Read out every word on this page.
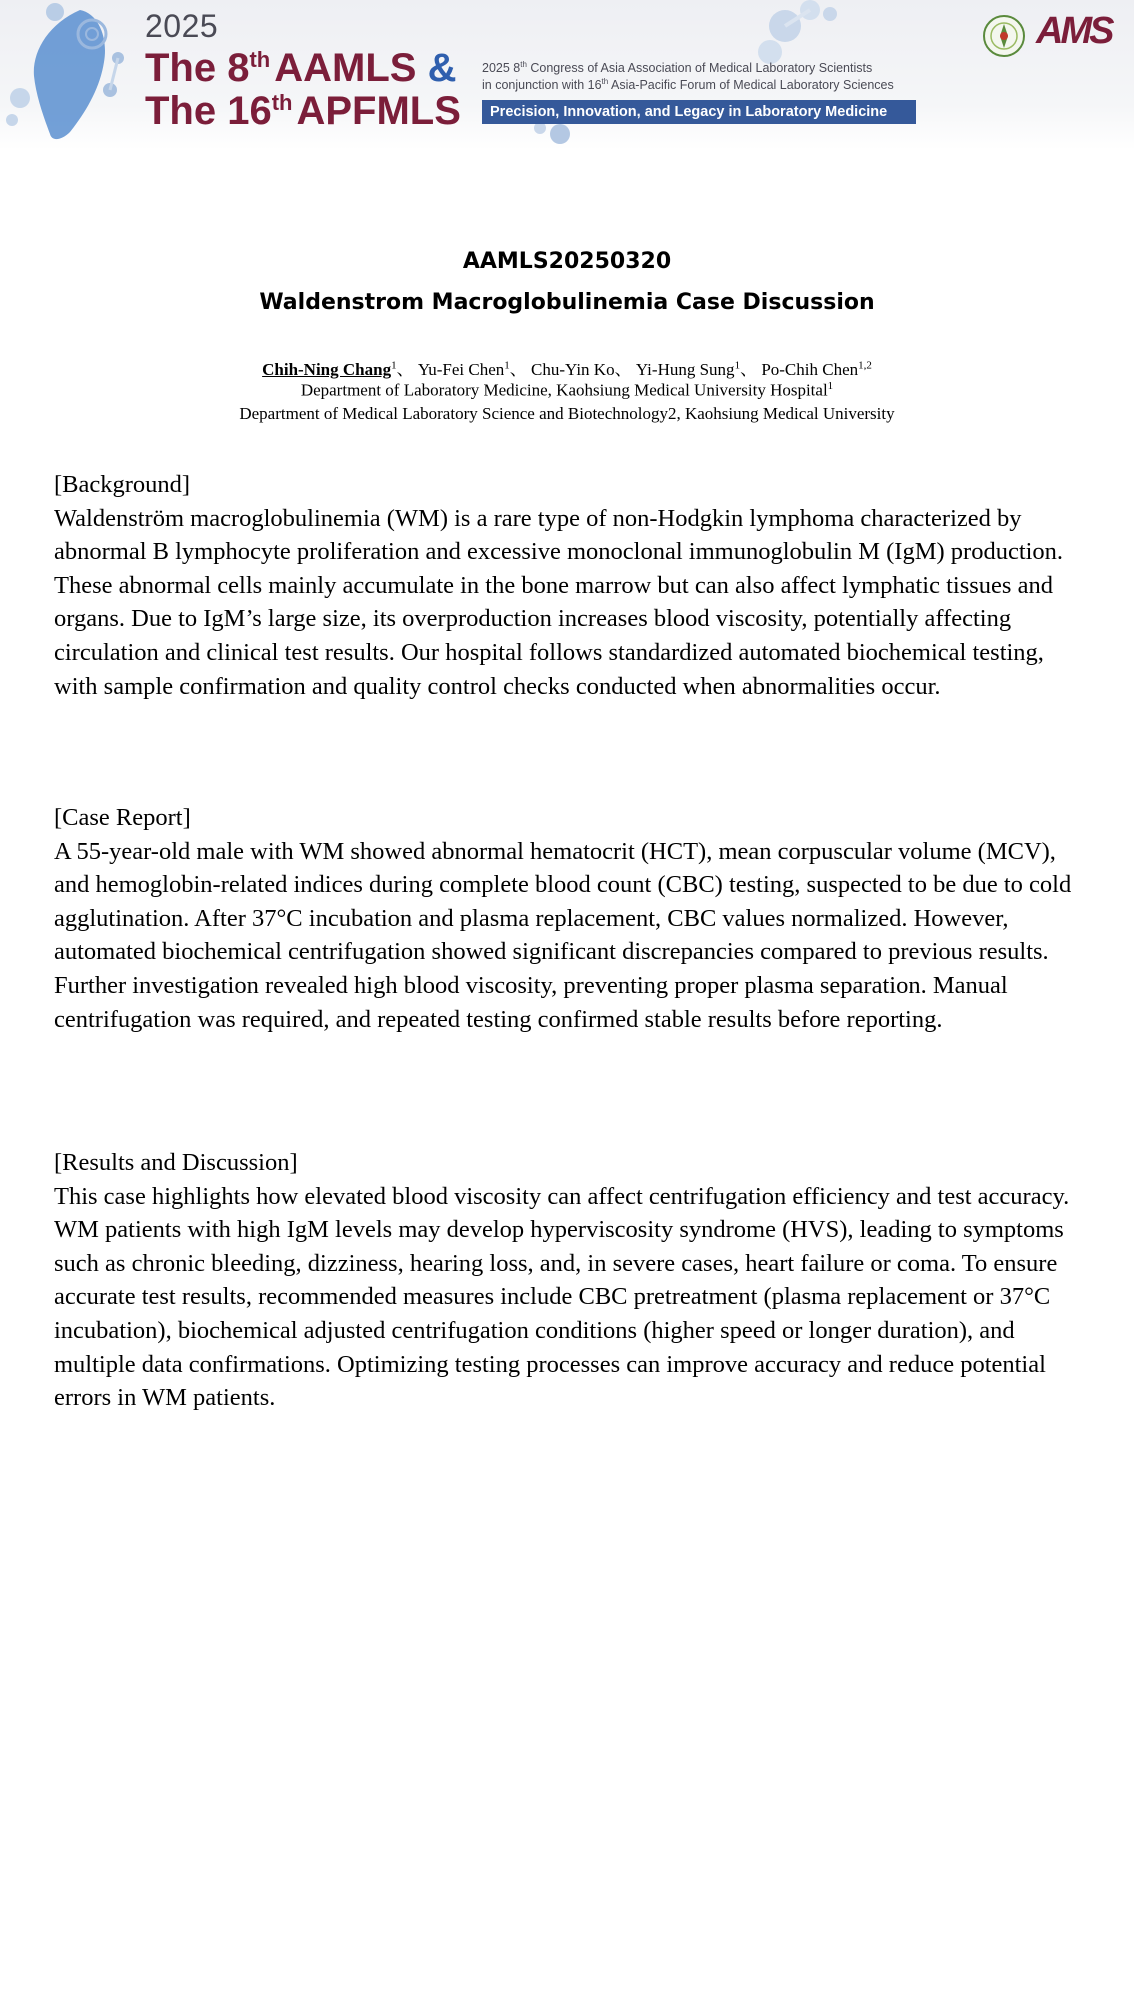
2025
The 8th AAMLS &
The 16th APFMLS
2025 8th Congress of Asia Association of Medical Laboratory Scientists
in conjunction with 16th Asia-Pacific Forum of Medical Laboratory Sciences
Precision, Innovation, and Legacy in Laboratory Medicine
AMS
AAMLS20250320
Waldenstrom Macroglobulinemia Case Discussion
Chih-Ning Chang$^1$、 Yu-Fei Chen$^1$、 Chu-Yin Ko、 Yi-Hung Sung$^1$、 Po-Chih Chen$^{1,2}$
Department of Laboratory Medicine, Kaohsiung Medical University Hospital$^1$
Department of Medical Laboratory Science and Biotechnology2, Kaohsiung Medical University
[Background]
Waldenström macroglobulinemia (WM) is a rare type of non-Hodgkin lymphoma characterized by abnormal B lymphocyte proliferation and excessive monoclonal immunoglobulin M (IgM) production. These abnormal cells mainly accumulate in the bone marrow but can also affect lymphatic tissues and organs. Due to IgM’s large size, its overproduction increases blood viscosity, potentially affecting circulation and clinical test results. Our hospital follows standardized automated biochemical testing, with sample confirmation and quality control checks conducted when abnormalities occur.
[Case Report]
A 55-year-old male with WM showed abnormal hematocrit (HCT), mean corpuscular volume (MCV), and hemoglobin-related indices during complete blood count (CBC) testing, suspected to be due to cold agglutination. After 37°C incubation and plasma replacement, CBC values normalized. However, automated biochemical centrifugation showed significant discrepancies compared to previous results. Further investigation revealed high blood viscosity, preventing proper plasma separation. Manual centrifugation was required, and repeated testing confirmed stable results before reporting.
[Results and Discussion]
This case highlights how elevated blood viscosity can affect centrifugation efficiency and test accuracy. WM patients with high IgM levels may develop hyperviscosity syndrome (HVS), leading to symptoms such as chronic bleeding, dizziness, hearing loss, and, in severe cases, heart failure or coma. To ensure accurate test results, recommended measures include CBC pretreatment (plasma replacement or 37°C incubation), biochemical adjusted centrifugation conditions (higher speed or longer duration), and multiple data confirmations. Optimizing testing processes can improve accuracy and reduce potential errors in WM patients.
